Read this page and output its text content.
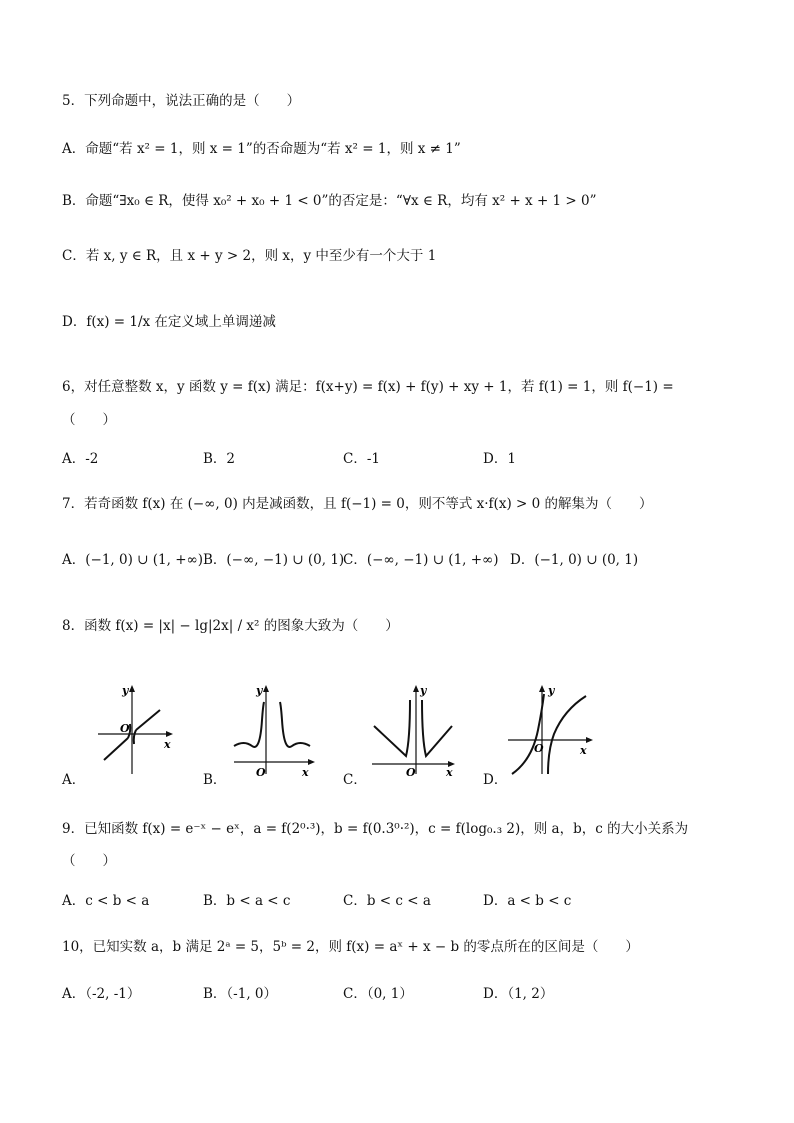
5．下列命题中，说法正确的是（　　）
A．命题“若 x² = 1，则 x = 1”的否命题为“若 x² = 1，则 x ≠ 1”
B．命题“∃x₀ ∈ R，使得 x₀² + x₀ + 1 < 0”的否定是：“∀x ∈ R，均有 x² + x + 1 > 0”
C．若 x, y ∈ R，且 x + y > 2，则 x，y 中至少有一个大于 1
D．f(x) = 1/x 在定义域上单调递减
6，对任意整数 x，y 函数 y = f(x) 满足：f(x+y) = f(x) + f(y) + xy + 1，若 f(1) = 1，则 f(−1) =
（　　）
A．-2	B．2	C．-1	D．1
7．若奇函数 f(x) 在 (−∞, 0) 内是减函数，且 f(−1) = 0，则不等式 x·f(x) > 0 的解集为（　　）
A．(−1, 0) ∪ (1, +∞) B．(−∞, −1) ∪ (0, 1)
C．(−∞, −1) ∪ (1, +∞) D．(−1, 0) ∪ (0, 1)
8．函数 f(x) = |x| − lg|2x| / x² 的图象大致为（　　）
A．
y
x
O
B．
y
x
O	C．
y
x
O	D．
y
x
O
9．已知函数 f(x) = e⁻ˣ − eˣ，a = f(2⁰·³)，b = f(0.3⁰·²)，c = f(log₀.₃ 2)，则 a，b，c 的大小关系为
（　　）
A．c < b < a	B．b < a < c	C．b < c < a	D．a < b < c
10，已知实数 a，b 满足 2ᵃ = 5，5ᵇ = 2，则 f(x) = aˣ + x − b 的零点所在的区间是（　　）
A．（-2, -1）	B．（-1, 0）	C．（0, 1）	D．（1, 2）
